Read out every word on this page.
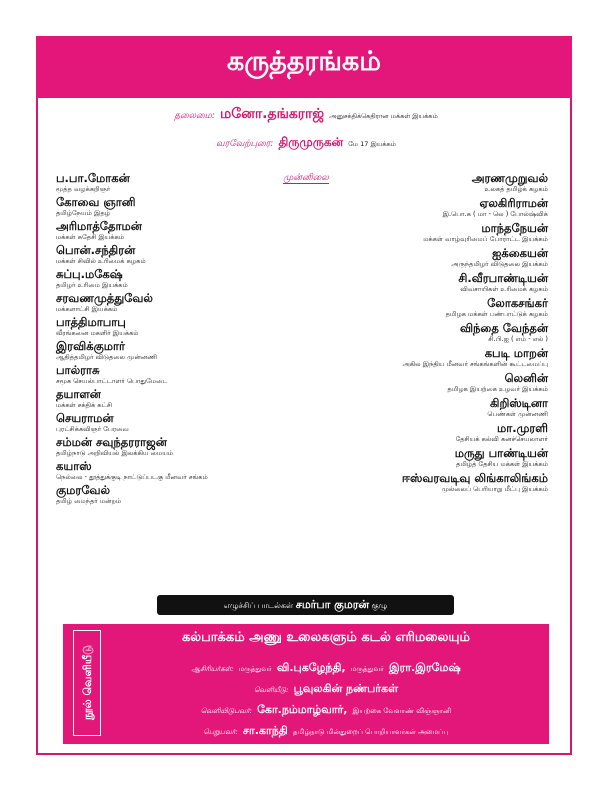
கருத்தரங்கம்
தலைமை: மனோ.தங்கராஜ் அனுசக்திக்கெதிரான மக்கள் இயக்கம்
வரவேற்புரை: திருமுருகன் மே 17 இயக்கம்
முன்னிலை
ப.பா.மோகன்
மூத்த வழக்கறிஞர்
கோவை ஞானி
தமிழ்நேயம் இதழ்
அரிமாத்தோமன்
மக்கள் சுதேசி இயக்கம்
பொன்.சந்திரன்
மக்கள் சிவில் உரிமைக் கழகம்
சுப்பு.மகேஷ்
தமிழர் உரிமை இயக்கம்
சரவணமுத்துவேல்
மக்களாட்சி இயக்கம்
பாத்திமாபாபு
வீரங்கனை மகளிர் இயக்கம்
இரவிக்குமார்
ஆதித்தமிழர் விடுதலை முன்னணி
பால்ராசு
சமூக செயல்பாட்டாளர் பொதுமேடை
தயாளன்
மக்கள் சக்திக் கட்சி
செயராமன்
புரட்சிக்கவிஞர் பேரவை
சம்மன் சவுந்தரராஜன்
தமிழ்நாடு அறிவியல் இலக்கிய மையம்
கயாஸ்
நெல்லை - தூத்துக்குடி நாட்டுப்படகு மீனவர் சங்கம்
குமரவேல்
தமிழ் மைந்தர் மன்றம்
அரணமுறுவல்
உலகத் தமிழ்க் கழகம்
ஏலகிரிராமன்
இ.பொ.க ( மா - லெ ) போல்ஷ்விக்
மாந்தநேயன்
மக்கள் வாழ்வுரிமைப் போராட்ட இயக்கம்
ஐக்கையன்
அருந்தமிழர் விடுதலை இயக்கம்
சி.வீரபாண்டியன்
விவசாயிகள் உரிமைக் கழகம்
லோகசங்கர்
தமிழக மக்கள் பண்பாட்டுக் கழகம்
விந்தை வேந்தன்
சி.பி.ஐ ( எம் - எல் )
கபடி மாறன்
அகில இந்திய மீனவர் சங்கங்களின் கூட்டமைப்பு
லெனின்
தமிழக இயற்கை உழவர் இயக்கம்
கிறிஸ்டினா
பெண்கள் முன்னணி
மா.முரளி
தேசியக் கல்வி கனச்செயலாளர்
மருது பாண்டியன்
தமிழ்த் தேசிய மக்கள் இயக்கம்
ஈஸ்வரவடிவு லிங்காலிங்கம்
முல்லைப் பெரியாறு மீட்பு இயக்கம்
எழுச்சிப் பாடல்கள் சமர்பா குமரன் குழு
நூல் வெளியீடு
கல்பாக்கம் அணு உலைகளும் கடல் எரிமலையும்
ஆசிரியர்கள்: மருத்துவர் வி.புகழேந்தி, மருத்துவர் இரா.இரமேஷ்
வெளியீடு: பூவுலகின் நண்பர்கள்
வெளியிடுபவர்: கோ.நம்மாழ்வார், இயற்கை வேளாண் விஞ்ஞானி
பெறுபவர்: சா.காந்தி தமிழ்நாடு மின்துறைப் பொறியாளர்கள் அமைப்பு
